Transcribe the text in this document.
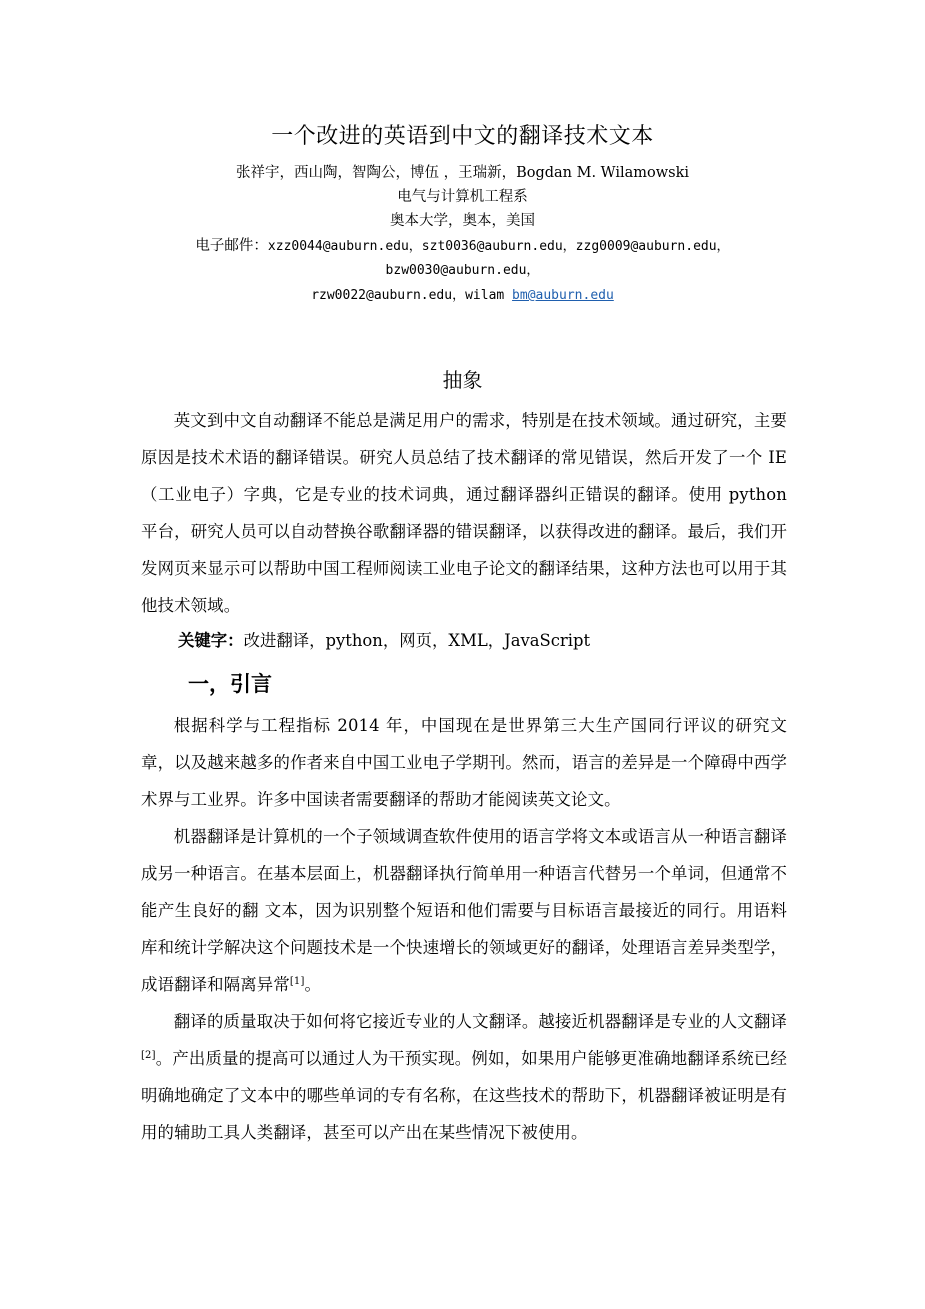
一个改进的英语到中文的翻译技术文本
张祥宇，西山陶，智陶公，博伍 ，王瑞新，Bogdan M. Wilamowski
电气与计算机工程系
奥本大学，奥本，美国
电子邮件：xzz0044@auburn.edu，szt0036@auburn.edu，zzg0009@auburn.edu，
bzw0030@auburn.edu，
rzw0022@auburn.edu，wilam bm@auburn.edu
抽象

英文到中文自动翻译不能总是满足用户的需求，特别是在技术领域。通过研究，主要原因是技术术语的翻译错误。研究人员总结了技术翻译的常见错误，然后开发了一个 IE（工业电子）字典，它是专业的技术词典，通过翻译器纠正错误的翻译。使用 python 平台，研究人员可以自动替换谷歌翻译器的错误翻译，以获得改进的翻译。最后，我们开发网页来显示可以帮助中国工程师阅读工业电子论文的翻译结果，这种方法也可以用于其他技术领域。

关键字：改进翻译，python，网页，XML，JavaScript
一，引言

根据科学与工程指标 2014 年，中国现在是世界第三大生产国同行评议的研究文章，以及越来越多的作者来自中国工业电子学期刊。然而，语言的差异是一个障碍中西学术界与工业界。许多中国读者需要翻译的帮助才能阅读英文论文。

机器翻译是计算机的一个子领域调查软件使用的语言学将文本或语言从一种语言翻译成另一种语言。在基本层面上，机器翻译执行简单用一种语言代替另一个单词，但通常不能产生良好的翻 文本，因为识别整个短语和他们需要与目标语言最接近的同行。用语料库和统计学解决这个问题技术是一个快速增长的领域更好的翻译，处理语言差异类型学，成语翻译和隔离异常[1]。

翻译的质量取决于如何将它接近专业的人文翻译。越接近机器翻译是专业的人文翻译[2]。产出质量的提高可以通过人为干预实现。例如，如果用户能够更准确地翻译系统已经明确地确定了文本中的哪些单词的专有名称，在这些技术的帮助下，机器翻译被证明是有用的辅助工具人类翻译，甚至可以产出在某些情况下被使用。
